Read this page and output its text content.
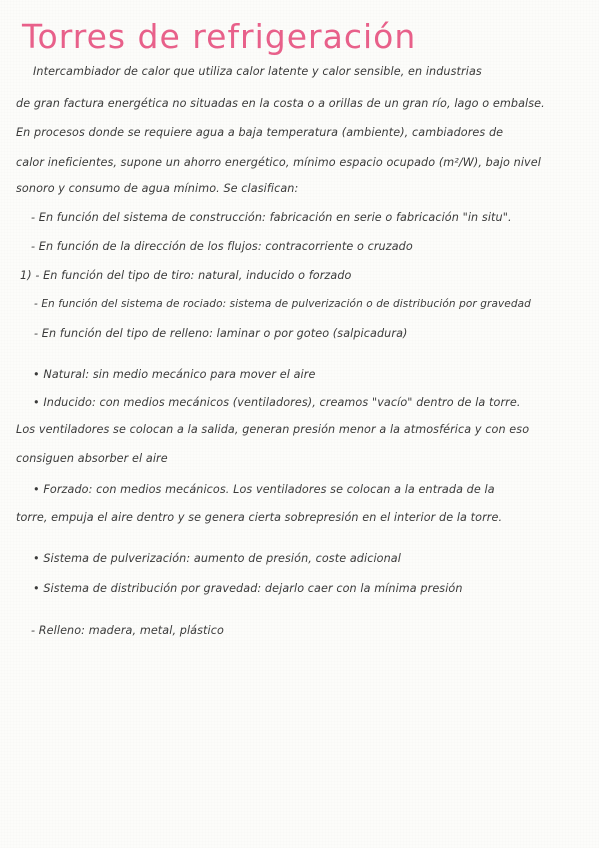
Torres de refrigeración
Intercambiador de calor que utiliza calor latente y calor sensible, en industrias
de gran factura energética no situadas en la costa o a orillas de un gran río, lago o embalse.
En procesos donde se requiere agua a baja temperatura (ambiente), cambiadores de
calor ineficientes, supone un ahorro energético, mínimo espacio ocupado (m²/W), bajo nivel
sonoro y consumo de agua mínimo. Se clasifican:
- En función del sistema de construcción: fabricación en serie o fabricación "in situ".
- En función de la dirección de los flujos: contracorriente o cruzado
1) - En función del tipo de tiro: natural, inducido o forzado
- En función del sistema de rociado: sistema de pulverización o de distribución por gravedad
- En función del tipo de relleno: laminar o por goteo (salpicadura)
• Natural: sin medio mecánico para mover el aire
• Inducido: con medios mecánicos (ventiladores), creamos "vacío" dentro de la torre.
Los ventiladores se colocan a la salida, generan presión menor a la atmosférica y con eso
consiguen absorber el aire
• Forzado: con medios mecánicos. Los ventiladores se colocan a la entrada de la
torre, empuja el aire dentro y se genera cierta sobrepresión en el interior de la torre.
• Sistema de pulverización: aumento de presión, coste adicional
• Sistema de distribución por gravedad: dejarlo caer con la mínima presión
- Relleno: madera, metal, plástico
